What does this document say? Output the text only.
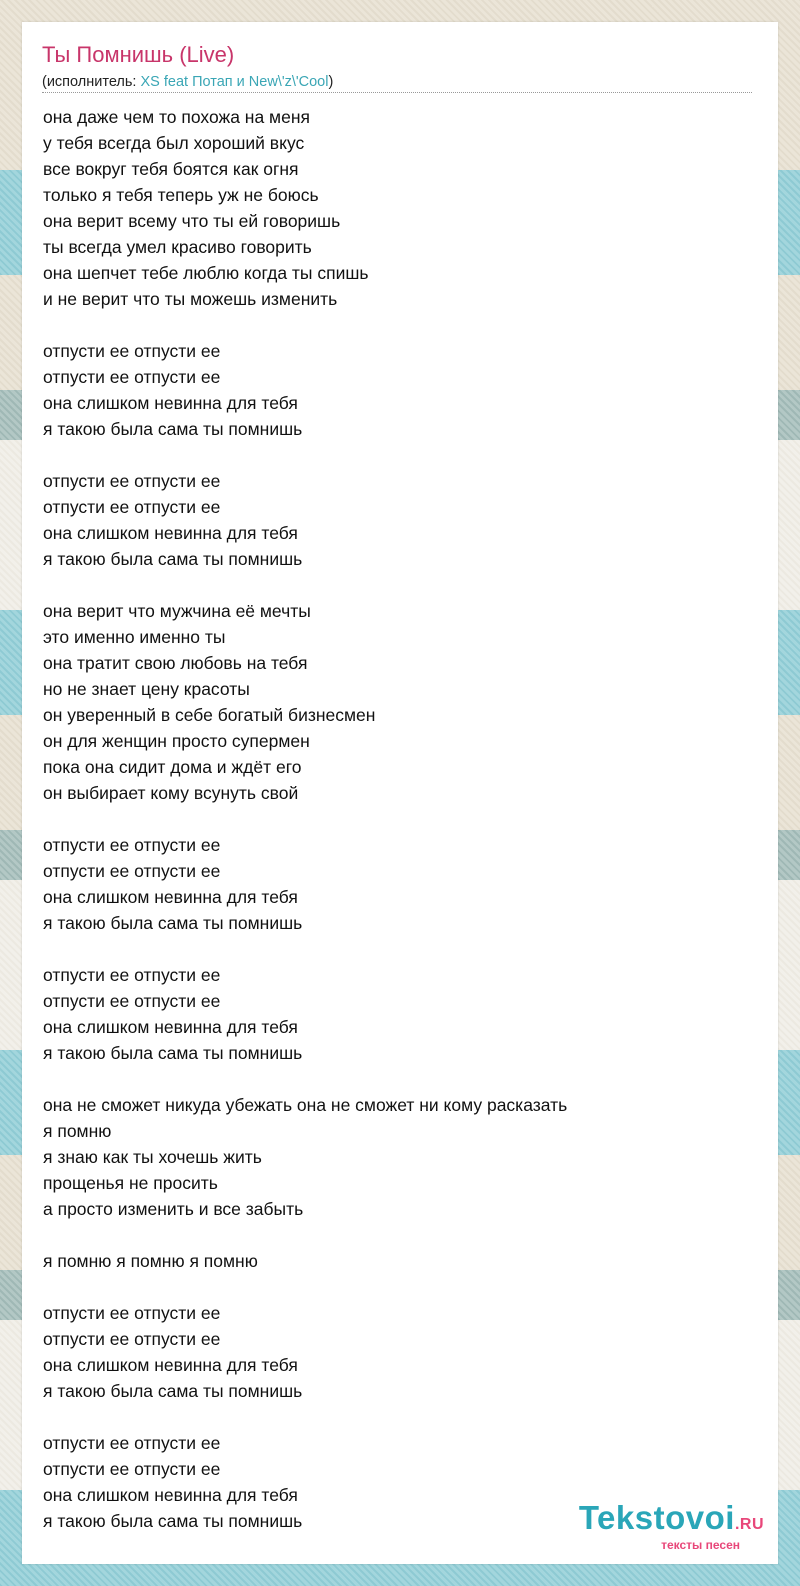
Ты Помнишь (Live)
(исполнитель: XS feat Потап и New\'z\'Cool)
она даже чем то похожа на меня
у тебя всегда был хороший вкус
все вокруг тебя боятся как огня
только я тебя теперь уж не боюсь
она верит всему что ты ей говоришь
ты всегда умел красиво говорить
она шепчет тебе люблю когда ты спишь
и не верит что ты можешь изменить
отпусти ее отпусти ее
отпусти ее отпусти ее
она слишком невинна для тебя
я такою была сама ты помнишь
отпусти ее отпусти ее
отпусти ее отпусти ее
она слишком невинна для тебя
я такою была сама ты помнишь
она верит что мужчина её мечты
это именно именно ты
она тратит свою любовь на тебя
но не знает цену красоты
он уверенный в себе богатый бизнесмен
он для женщин просто супермен
пока она сидит дома и ждёт его
он выбирает кому всунуть свой
отпусти ее отпусти ее
отпусти ее отпусти ее
она слишком невинна для тебя
я такою была сама ты помнишь
отпусти ее отпусти ее
отпусти ее отпусти ее
она слишком невинна для тебя
я такою была сама ты помнишь
она не сможет никуда убежать она не сможет ни кому расказать
я помню
я знаю как ты хочешь жить
прощенья не просить
а просто изменить и все забыть
я помню я помню я помню
отпусти ее отпусти ее
отпусти ее отпусти ее
она слишком невинна для тебя
я такою была сама ты помнишь
отпусти ее отпусти ее
отпусти ее отпусти ее
она слишком невинна для тебя
я такою была сама ты помнишь	Tekstovoi.RU
тексты песен
